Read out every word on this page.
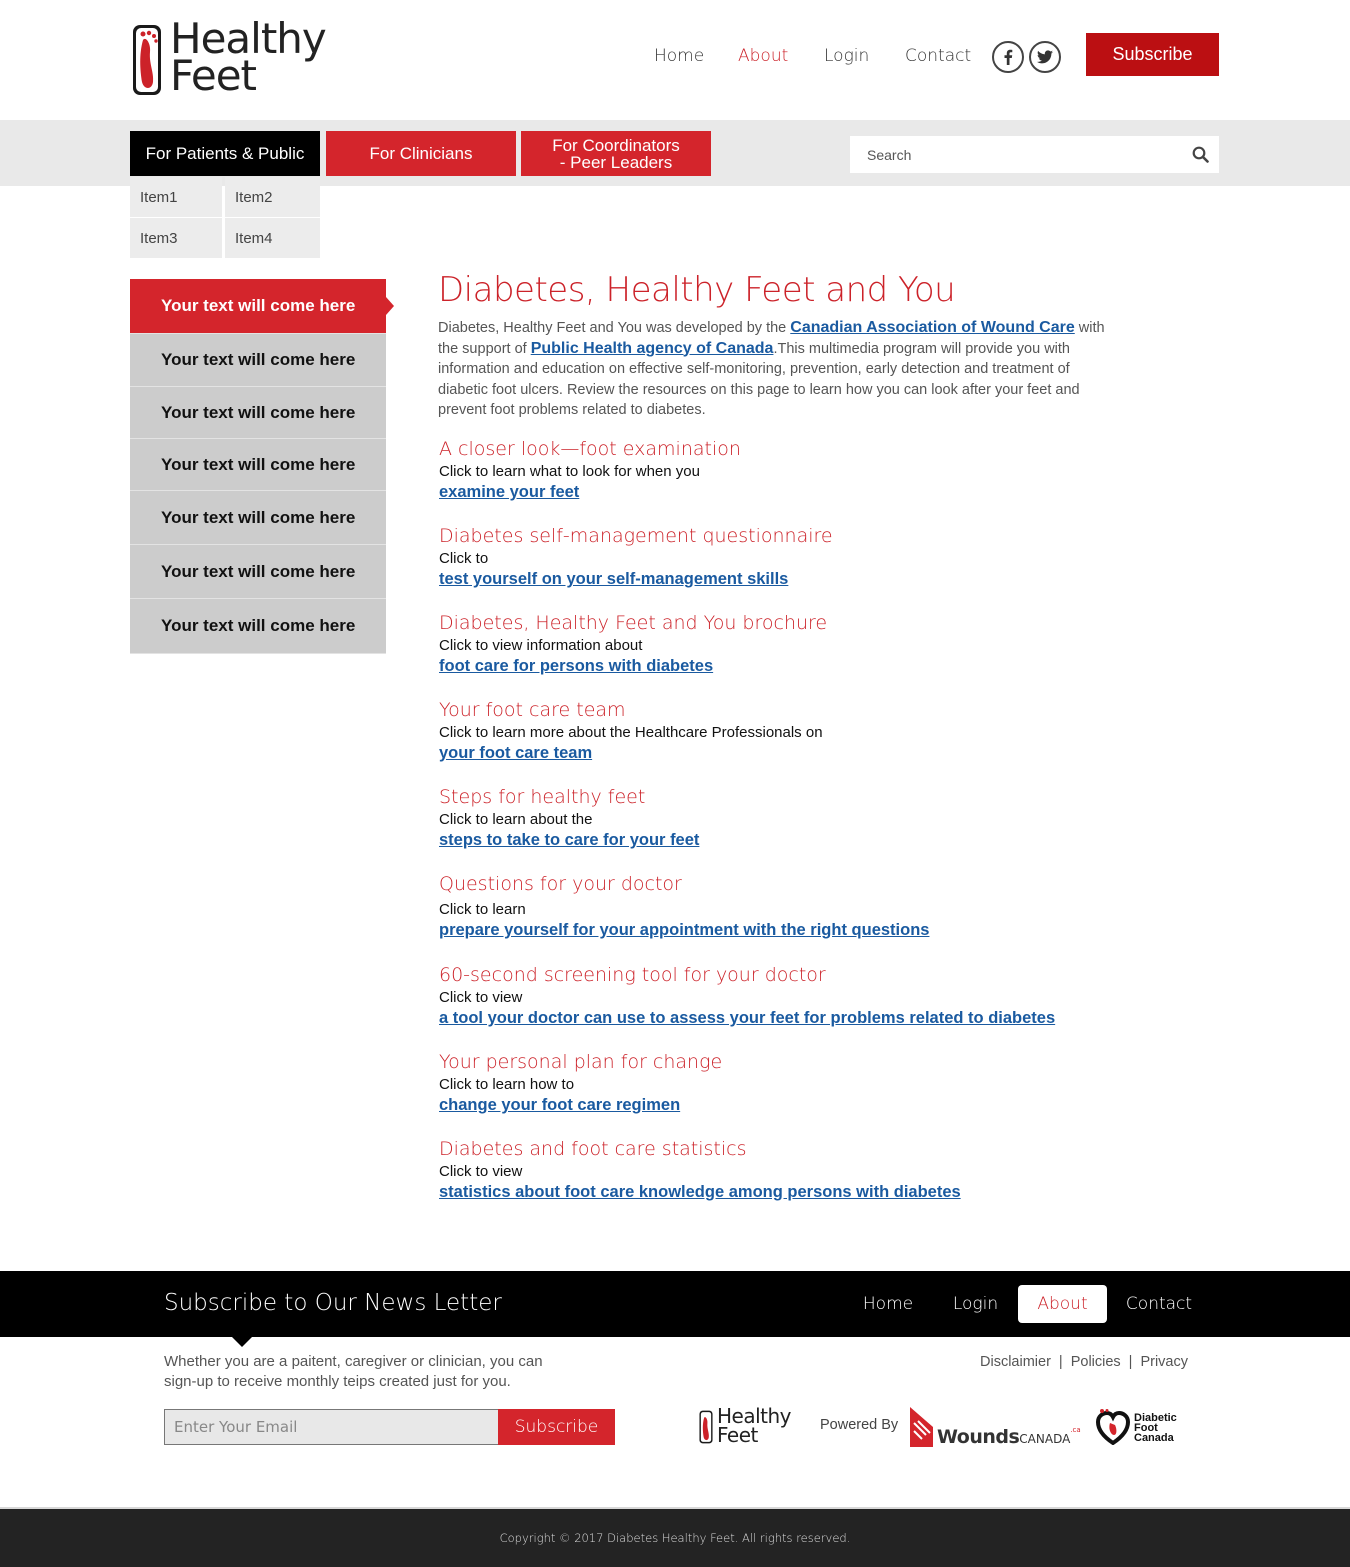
Healthy
Feet	Home About Login Contact	Subscribe
For Patients & Public	For Clinicians	For Coordinators
- Peer Leaders
Search
Item1	Item2
Item3	Item4
Your text will come here
Your text will come here
Your text will come here
Your text will come here
Your text will come here
Your text will come here
Your text will come here
Diabetes, Healthy Feet and You

Diabetes, Healthy Feet and You was developed by the Canadian Association of Wound Care with the support of Public Health agency of Canada.This multimedia program will provide you with information and education on effective self-monitoring, prevention, early detection and treatment of diabetic foot ulcers. Review the resources on this page to learn how you can look after your feet and prevent foot problems related to diabetes.

A closer look—foot examination
Click to learn what to look for when you
examine your feet
Diabetes self-management questionnaire
Click to
test yourself on your self-management skills
Diabetes, Healthy Feet and You brochure
Click to view information about
foot care for persons with diabetes
Your foot care team
Click to learn more about the Healthcare Professionals on
your foot care team
Steps for healthy feet
Click to learn about the
steps to take to care for your feet
Questions for your doctor
Click to learn
prepare yourself for your appointment with the right questions
60-second screening tool for your doctor
Click to view
a tool your doctor can use to assess your feet for problems related to diabetes
Your personal plan for change
Click to learn how to
change your foot care regimen
Diabetes and foot care statistics
Click to view
statistics about foot care knowledge among persons with diabetes
Subscribe to Our News Letter	Home	Login	About	Contact

Whether you are a paitent, caregiver or clinician, you can sign-up to receive monthly teips created just for you.

Disclaimier | Policies | Privacy
Enter Your Email
Subscribe	Healthy
Feet	Powered By
WoundsCANADA$^{.ca}$
Diabetic
Foot
Canada
Copyright © 2017 Diabetes Healthy Feet. All rights reserved.
